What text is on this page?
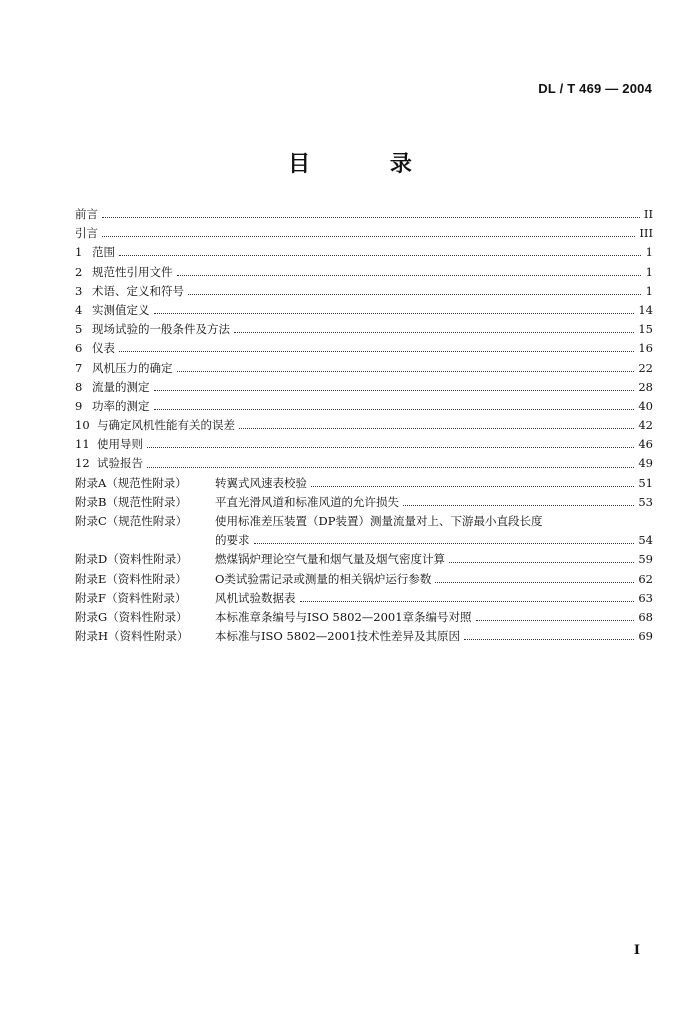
DL / T 469 — 2004
目 录
前言	II
引言	III
1 范围	1
2 规范性引用文件	1
3 术语、定义和符号	1
4 实测值定义	14
5 现场试验的一般条件及方法	15
6 仪表	16
7 风机压力的确定	22
8 流量的测定	28
9 功率的测定	40
10 与确定风机性能有关的误差	42
11 使用导则	46
12 试验报告	49
附录A（规范性附录）	转翼式风速表校验	51
附录B（规范性附录）	平直光滑风道和标准风道的允许损失	53
附录C（规范性附录）	使用标准差压装置（DP装置）测量流量对上、下游最小直段长度
的要求	54
附录D（资料性附录）	燃煤锅炉理论空气量和烟气量及烟气密度计算	59
附录E（资料性附录）	O类试验需记录或测量的相关锅炉运行参数	62
附录F（资料性附录）	风机试验数据表	63
附录G（资料性附录）	本标准章条编号与ISO 5802—2001章条编号对照	68
附录H（资料性附录）	本标准与ISO 5802—2001技术性差异及其原因	69
I
